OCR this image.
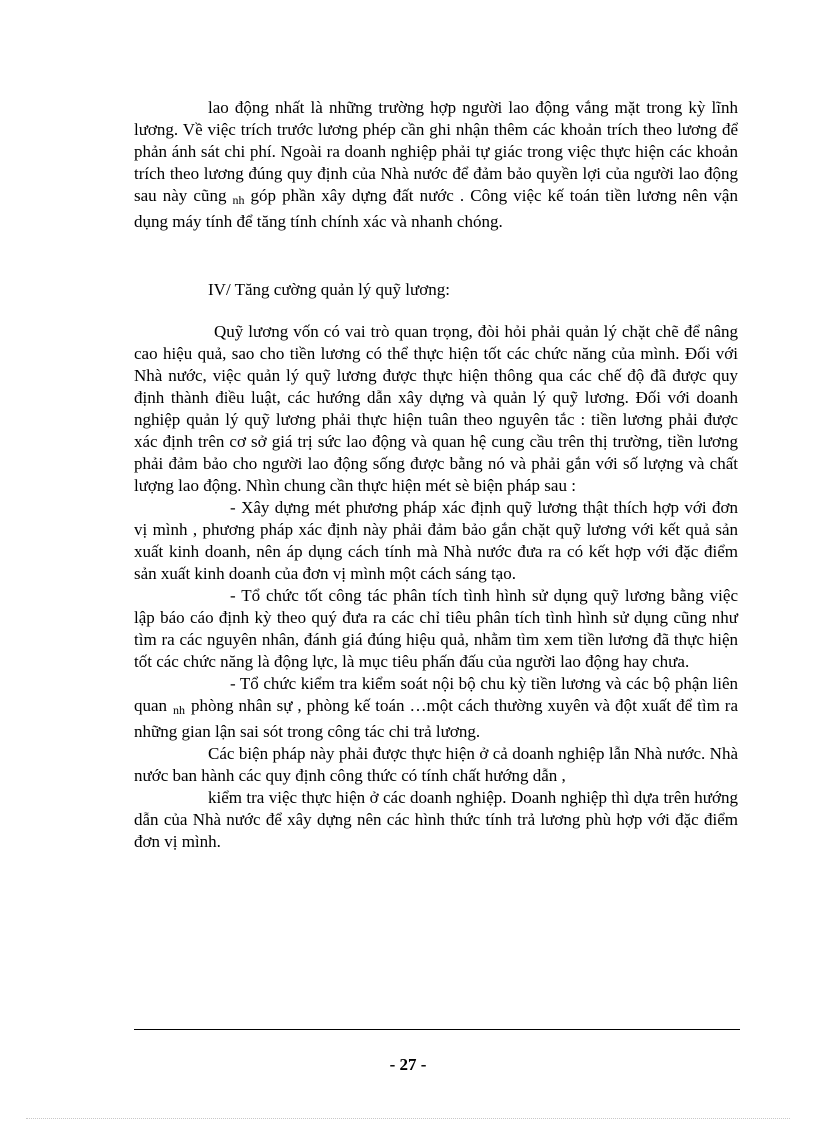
lao động nhất là những trường hợp người lao động vắng mặt trong kỳ lĩnh lương. Về việc trích trước lương phép cần ghi nhận thêm các khoản trích theo lương để phản ánh sát chi phí. Ngoài ra doanh nghiệp phải tự giác trong việc thực hiện các khoản trích theo lương đúng quy định của Nhà nước để đảm bảo quyền lợi của người lao động sau này cũng $_{nh}$ góp phần xây dựng đất nước . Công việc kế toán tiền lương nên vận dụng máy tính để tăng tính chính xác và nhanh chóng.

IV/ Tăng cường quản lý quỹ lương:

Quỹ lương vốn có vai trò quan trọng, đòi hỏi phải quản lý chặt chẽ để nâng cao hiệu quả, sao cho tiền lương có thể thực hiện tốt các chức năng của mình. Đối với Nhà nước, việc quản lý quỹ lương được thực hiện thông qua các chế độ đã được quy định thành điều luật, các hướng dẫn xây dựng và quản lý quỹ lương. Đối với doanh nghiệp quản lý quỹ lương phải thực hiện tuân theo nguyên tắc : tiền lương phải được xác định trên cơ sở giá trị sức lao động và quan hệ cung cầu trên thị trường, tiền lương phải đảm bảo cho người lao động sống được bằng nó và phải gắn với số lượng và chất lượng lao động. Nhìn chung cần thực hiện mét sè biện pháp sau :

- Xây dựng mét phương pháp xác định quỹ lương thật thích hợp với đơn vị mình , phương pháp xác định này phải đảm bảo gắn chặt quỹ lương với kết quả sản xuất kinh doanh, nên áp dụng cách tính mà Nhà nước đưa ra có kết hợp với đặc điểm sản xuất kinh doanh của đơn vị mình một cách sáng tạo.

- Tổ chức tốt công tác phân tích tình hình sử dụng quỹ lương bằng việc lập báo cáo định kỳ theo quý đưa ra các chỉ tiêu phân tích tình hình sử dụng cũng như tìm ra các nguyên nhân, đánh giá đúng hiệu quả, nhằm tìm xem tiền lương đã thực hiện tốt các chức năng là động lực, là mục tiêu phấn đấu của người lao động hay chưa.

- Tổ chức kiểm tra kiểm soát nội bộ chu kỳ tiền lương và các bộ phận liên quan $_{nh}$ phòng nhân sự , phòng kế toán …một cách thường xuyên và đột xuất để tìm ra những gian lận sai sót trong công tác chi trả lương.

Các biện pháp này phải được thực hiện ở cả doanh nghiệp lẫn Nhà nước. Nhà nước ban hành các quy định công thức có tính chất hướng dẫn ,

kiểm tra việc thực hiện ở các doanh nghiệp. Doanh nghiệp thì dựa trên hướng dẫn của Nhà nước để xây dựng nên các hình thức tính trả lương phù hợp với đặc điểm đơn vị mình.

- 27 -
